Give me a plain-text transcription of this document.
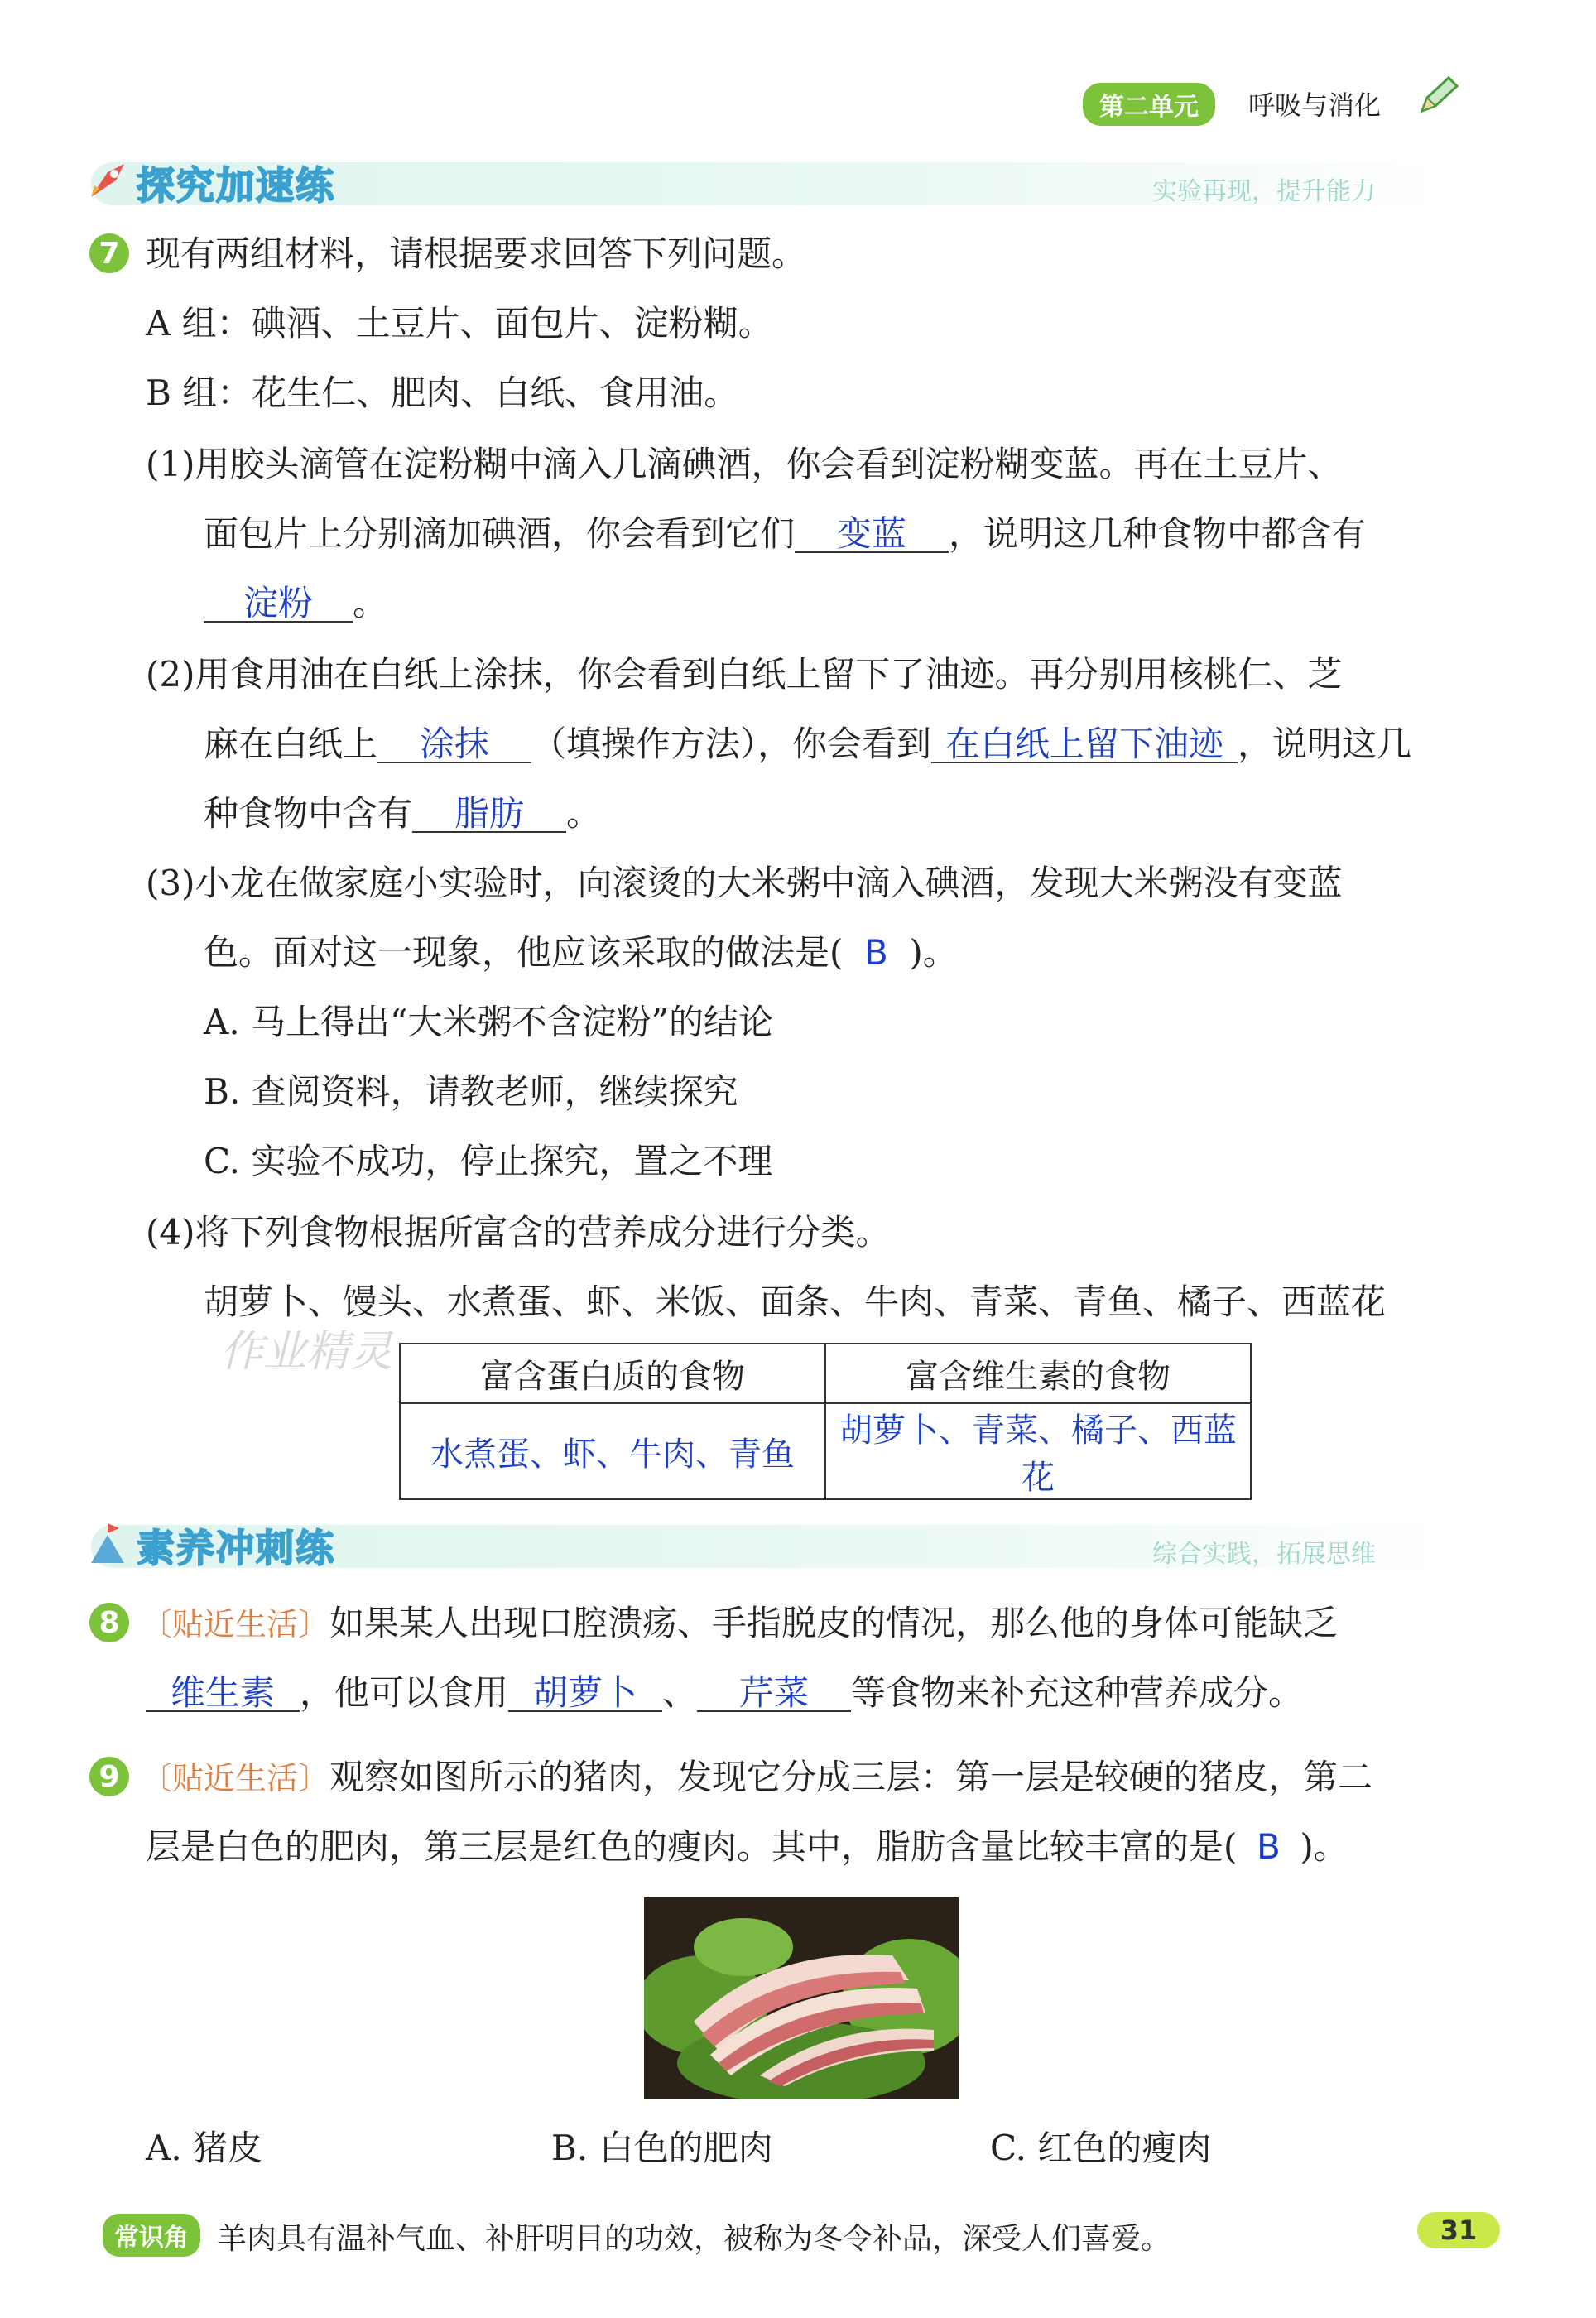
第二单元	呼吸与消化
探究加速练	实验再现，提升能力
7 现有两组材料，请根据要求回答下列问题。
A 组：碘酒、土豆片、面包片、淀粉糊。
B 组：花生仁、肥肉、白纸、食用油。
(1)用胶头滴管在淀粉糊中滴入几滴碘酒，你会看到淀粉糊变蓝。再在土豆片、
面包片上分别滴加碘酒，你会看到它们 变蓝 ，说明这几种食物中都含有
淀粉 。
(2)用食用油在白纸上涂抹，你会看到白纸上留下了油迹。再分别用核桃仁、芝
麻在白纸上 涂抹 （填操作方法），你会看到 在白纸上留下油迹 ，说明这几
种食物中含有 脂肪 。
(3)小龙在做家庭小实验时，向滚烫的大米粥中滴入碘酒，发现大米粥没有变蓝
色。面对这一现象，他应该采取的做法是( B )。
A. 马上得出“大米粥不含淀粉”的结论
B. 查阅资料，请教老师，继续探究
C. 实验不成功，停止探究，置之不理
(4)将下列食物根据所富含的营养成分进行分类。
胡萝卜、馒头、水煮蛋、虾、米饭、面条、牛肉、青菜、青鱼、橘子、西蓝花
作业精灵	富含蛋白质的食物	富含维生素的食物
水煮蛋、虾、牛肉、青鱼	胡萝卜、青菜、橘子、西蓝花
素养冲刺练	综合实践，拓展思维
8 〔贴近生活〕如果某人出现口腔溃疡、手指脱皮的情况，那么他的身体可能缺乏
维生素 ，他可以食用 胡萝卜 、 芹菜 等食物来补充这种营养成分。
9 〔贴近生活〕观察如图所示的猪肉，发现它分成三层：第一层是较硬的猪皮，第二
层是白色的肥肉，第三层是红色的瘦肉。其中，脂肪含量比较丰富的是( B )。
A. 猪皮	B. 白色的肥肉	C. 红色的瘦肉
常识角 羊肉具有温补气血、补肝明目的功效，被称为冬令补品，深受人们喜爱。	31
